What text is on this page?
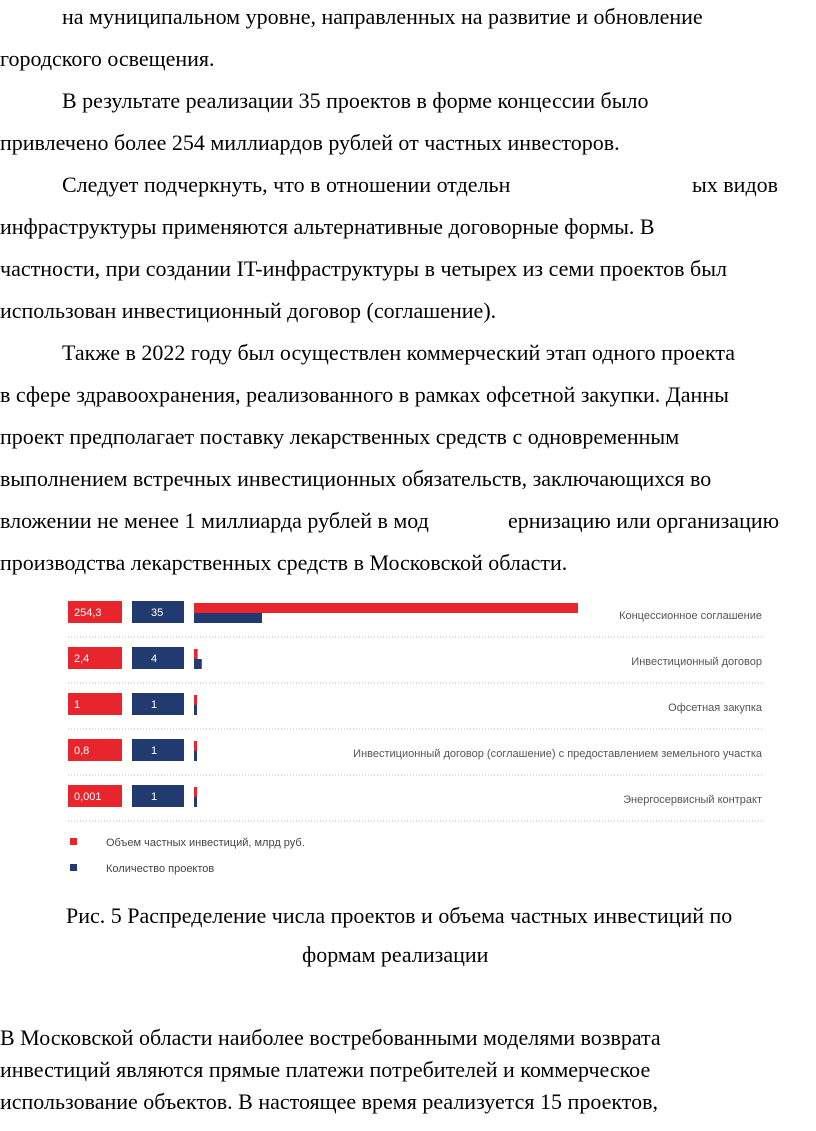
на муниципальном уровне, направленных на развитие и обновление
городского освещения.
В результате реализации 35 проектов в форме концессии было
привлечено более 254 миллиардов рублей от частных инвесторов.
Следует подчеркнуть, что в отношении отдельн	ых видов
инфраструктуры применяются альтернативные договорные формы. В
частности, при создании IT-инфраструктуры в четырех из семи проектов был
использован инвестиционный договор (соглашение).
Также в 2022 году был осуществлен коммерческий этап одного проекта
в сфере здравоохранения, реализованного в рамках офсетной закупки. Данны
проект предполагает поставку лекарственных средств с одновременным
выполнением встречных инвестиционных обязательств, заключающихся во
вложении не менее 1 миллиарда рублей в мод	ернизацию или организацию
производства лекарственных средств в Московской области.
254,3	35	Концессионное соглашение
2,4	4	Инвестиционный договор
1	1	Офсетная закупка
0,8	1	Инвестиционный договор (соглашение) с предоставлением земельного участка
0,001	1	Энергосервисный контракт
Объем частных инвестиций, млрд руб.
Количество проектов
Рис. 5 Распределение числа проектов и объема частных инвестиций по
формам реализации
В Московской области наиболее востребованными моделями возврата
инвестиций являются прямые платежи потребителей и коммерческое
использование объектов. В настоящее время реализуется 15 проектов,
